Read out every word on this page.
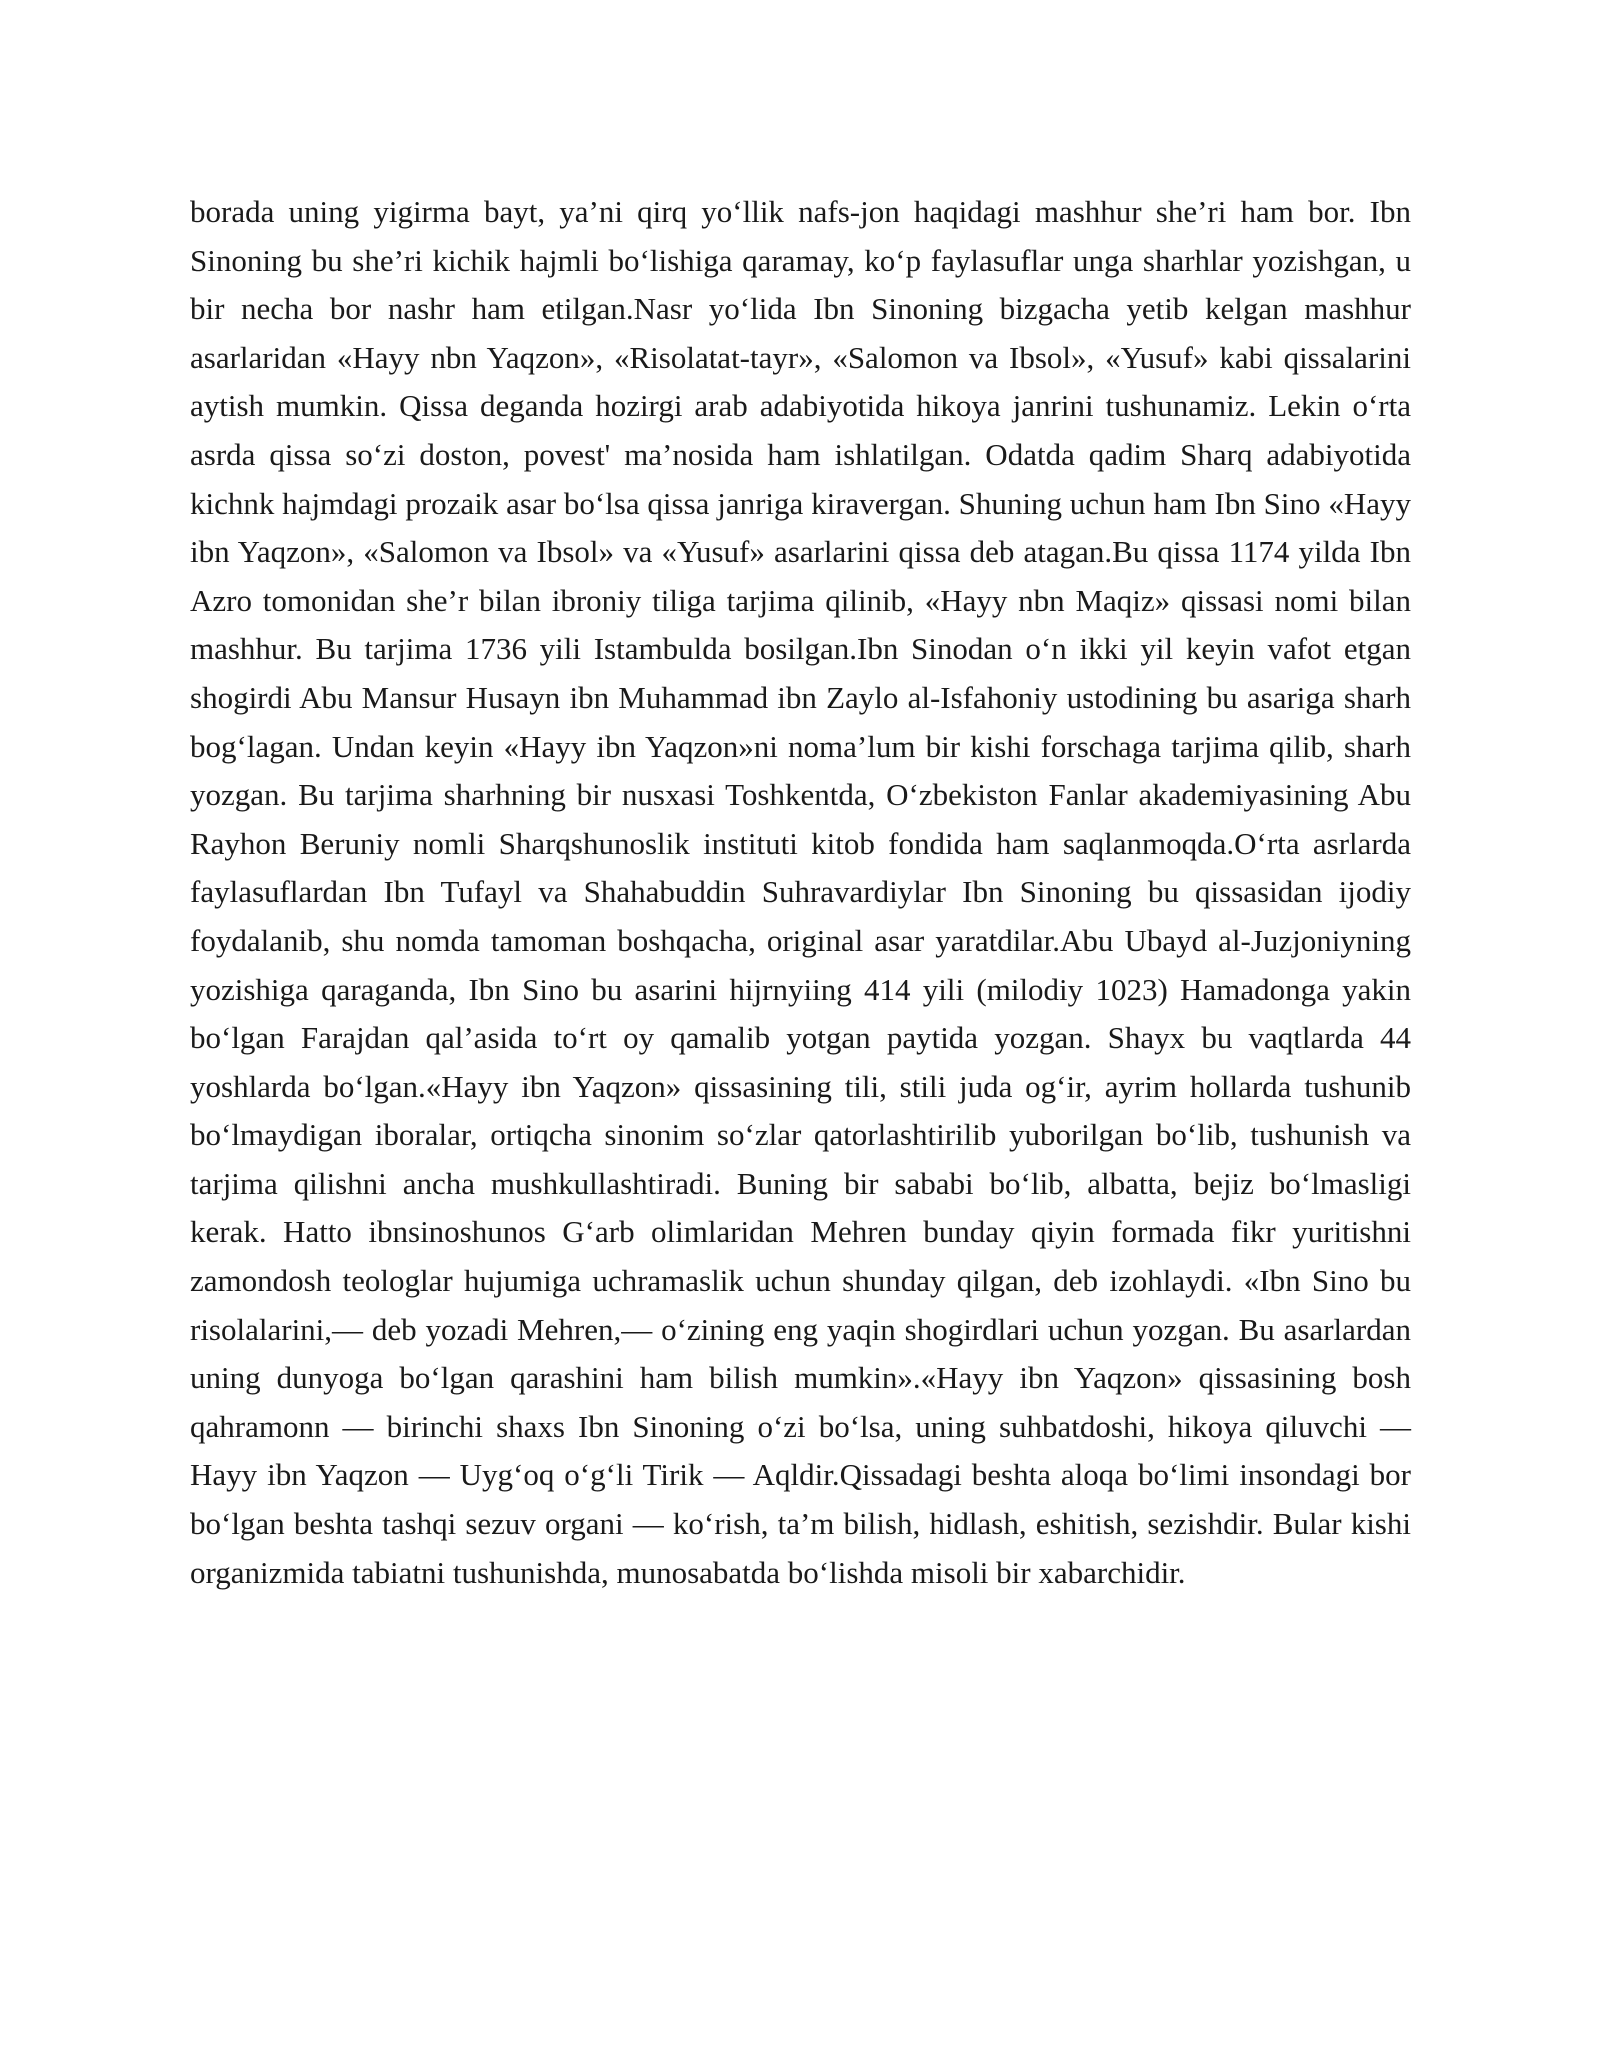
borada uning yigirma bayt, ya’ni qirq yo‘llik nafs-jon haqidagi mashhur she’ri ham bor. Ibn Sinoning bu she’ri kichik hajmli bo‘lishiga qaramay, ko‘p faylasuflar unga sharhlar yozishgan, u bir necha bor nashr ham etilgan.Nasr yo‘lida Ibn Sinoning bizgacha yetib kelgan mashhur asarlaridan «Hayy nbn Yaqzon», «Risolatat-tayr», «Salomon va Ibsol», «Yusuf» kabi qissalarini aytish mumkin. Qissa deganda hozirgi arab adabiyotida hikoya janrini tushunamiz. Lekin o‘rta asrda qissa so‘zi doston, povest' ma’nosida ham ishlatilgan. Odatda qadim Sharq adabiyotida kichnk hajmdagi prozaik asar bo‘lsa qissa janriga kiravergan. Shuning uchun ham Ibn Sino «Hayy ibn Yaqzon», «Salomon va Ibsol» va «Yusuf» asarlarini qissa deb atagan.Bu qissa 1174 yilda Ibn Azro tomonidan she’r bilan ibroniy tiliga tarjima qilinib, «Hayy nbn Maqiz» qissasi nomi bilan mashhur. Bu tarjima 1736 yili Istambulda bosilgan.Ibn Sinodan o‘n ikki yil keyin vafot etgan shogirdi Abu Mansur Husayn ibn Muhammad ibn Zaylo al-Isfahoniy ustodining bu asariga sharh bog‘lagan. Undan keyin «Hayy ibn Yaqzon»ni noma’lum bir kishi forschaga tarjima qilib, sharh yozgan. Bu tarjima sharhning bir nusxasi Toshkentda, O‘zbekiston Fanlar akademiyasining Abu Rayhon Beruniy nomli Sharqshunoslik instituti kitob fondida ham saqlanmoqda.O‘rta asrlarda faylasuflardan Ibn Tufayl va Shahabuddin Suhravardiylar Ibn Sinoning bu qissasidan ijodiy foydalanib, shu nomda tamoman boshqacha, original asar yaratdilar.Abu Ubayd al-Juzjoniyning yozishiga qaraganda, Ibn Sino bu asarini hijrnyiing 414 yili (milodiy 1023) Hamadonga yakin bo‘lgan Farajdan qal’asida to‘rt oy qamalib yotgan paytida yozgan. Shayx bu vaqtlarda 44 yoshlarda bo‘lgan.«Hayy ibn Yaqzon» qissasining tili, stili juda og‘ir, ayrim hollarda tushunib bo‘lmaydigan iboralar, ortiqcha sinonim so‘zlar qatorlashtirilib yuborilgan bo‘lib, tushunish va tarjima qilishni ancha mushkullashtiradi. Buning bir sababi bo‘lib, albatta, bejiz bo‘lmasligi kerak. Hatto ibnsinoshunos G‘arb olimlaridan Mehren bunday qiyin formada fikr yuritishni zamondosh teologlar hujumiga uchramaslik uchun shunday qilgan, deb izohlaydi. «Ibn Sino bu risolalarini,— deb yozadi Mehren,— o‘zining eng yaqin shogirdlari uchun yozgan. Bu asarlardan uning dunyoga bo‘lgan qarashini ham bilish mumkin».«Hayy ibn Yaqzon» qissasining bosh qahramonn — birinchi shaxs Ibn Sinoning o‘zi bo‘lsa, uning suhbatdoshi, hikoya qiluvchi — Hayy ibn Yaqzon — Uyg‘oq o‘g‘li Tirik — Aqldir.Qissadagi beshta aloqa bo‘limi insondagi bor bo‘lgan beshta tashqi sezuv organi — ko‘rish, ta’m bilish, hidlash, eshitish, sezishdir. Bular kishi organizmida tabiatni tushunishda, munosabatda bo‘lishda misoli bir xabarchidir.
